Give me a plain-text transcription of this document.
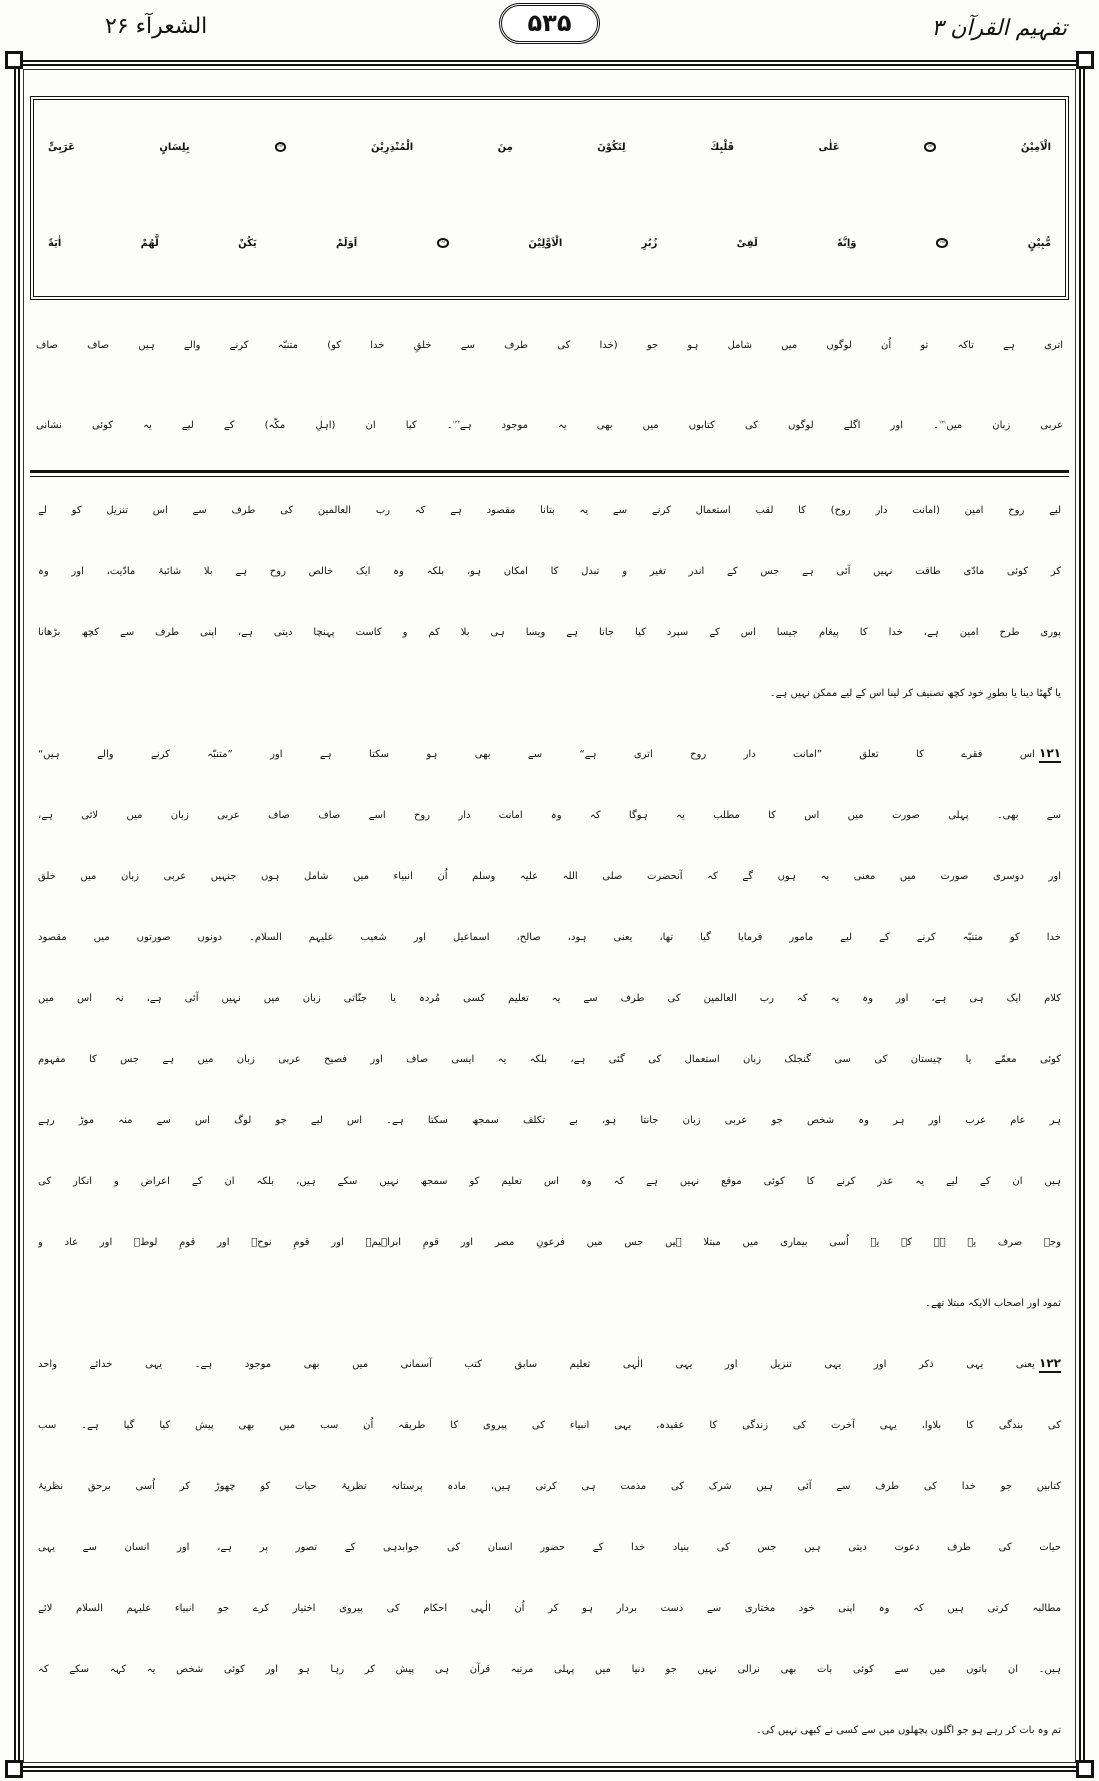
تفہیم القرآن ۳
۵۳۵
الشعرآء ۲۶
الْاَمِیْنُ ۱۹۳ عَلٰی قَلْبِكَ لِتَكُوْنَ مِنَ الْمُنْذِرِیْنَ ۱۹۴ بِلِسَانٍ عَرَبِیٍّ
مُّبِیْنٍ ۱۹۵ وَاِنَّهٗ لَفِیْ زُبُرِ الْاَوَّلِیْنَ ۱۹۶ اَوَلَمْ یَكُنْ لَّهُمْ اٰیَةً
اتری ہے تاکہ تو اُن لوگوں میں شامل ہو جو (خدا کی طرف سے خلقِ خدا کو) متنبّہ کرنے والے ہیں صاف صاف
عربی زبان میں$^{۱۲۱}$۔ اور اگلے لوگوں کی کتابوں میں بھی یہ موجود ہے$^{۱۲۲}$۔ کیا ان (اہلِ مکّہ) کے لیے یہ کوئی نشانی
لیے روح امین (امانت دار روح) کا لقب استعمال کرنے سے یہ بتانا مقصود ہے کہ رب العالمین کی طرف سے اس تنزیل کو لے
کر کوئی مادّی طاقت نہیں آئی ہے جس کے اندر تغیر و تبدل کا امکان ہو، بلکہ وہ ایک خالص روح ہے بلا شائبۂ مادّیت، اور وہ
پوری طرح امین ہے، خدا کا پیغام جیسا اس کے سپرد کیا جاتا ہے ویسا ہی بلا کم و کاست پہنچا دیتی ہے، اپنی طرف سے کچھ بڑھانا
یا گھٹا دینا یا بطورِ خود کچھ تصنیف کر لینا اس کے لیے ممکن نہیں ہے۔
۱۲۱اس فقرے کا تعلق ”امانت دار روح اتری ہے“ سے بھی ہو سکتا ہے اور ”متنبّہ کرنے والے ہیں“
سے بھی۔ پہلی صورت میں اس کا مطلب یہ ہوگا کہ وہ امانت دار روح اسے صاف صاف عربی زبان میں لائی ہے،
اور دوسری صورت میں معنی یہ ہوں گے کہ آنحضرت صلی اللہ علیہ وسلم اُن انبیاء میں شامل ہوں جنہیں عربی زبان میں خلق
خدا کو متنبّہ کرنے کے لیے مامور فرمایا گیا تھا، یعنی ہود، صالح، اسماعیل اور شعیب علیہم السلام۔ دونوں صورتوں میں مقصود
کلام ایک ہی ہے، اور وہ یہ کہ رب العالمین کی طرف سے یہ تعلیم کسی مُردہ یا جنّاتی زبان میں نہیں آئی ہے، نہ اس میں
کوئی معمّے یا چیستان کی سی گنجلک زبان استعمال کی گئی ہے، بلکہ یہ ایسی صاف اور فصیح عربی زبان میں ہے جس کا مفہوم
ہر عام عرب اور ہر وہ شخص جو عربی زبان جانتا ہو، بے تکلف سمجھ سکتا ہے۔ اس لیے جو لوگ اس سے منہ موڑ رہے
ہیں ان کے لیے یہ عذر کرنے کا کوئی موقع نہیں ہے کہ وہ اس تعلیم کو سمجھ نہیں سکے ہیں، بلکہ ان کے اعراض و انکار کی
وجہ صرف یہ ہے کہ یہ اُسی بیماری میں مبتلا ہیں جس میں فرعونِ مصر اور قومِ ابراہیمؑ اور قومِ نوحؑ اور قومِ لوطؑ اور عاد و
ثمود اور اصحاب الایکہ مبتلا تھے۔
۱۲۲یعنی یہی ذکر اور یہی تنزیل اور یہی الٰہی تعلیم سابق کتب آسمانی میں بھی موجود ہے۔ یہی خدائے واحد
کی بندگی کا بلاوا، یہی آخرت کی زندگی کا عقیدہ، یہی انبیاء کی پیروی کا طریقہ اُن سب میں بھی پیش کیا گیا ہے۔ سب
کتابیں جو خدا کی طرف سے آئی ہیں شرک کی مذمت ہی کرتی ہیں، مادہ پرستانہ نظریۂ حیات کو چھوڑ کر اُسی برحق نظریۂ
حیات کی طرف دعوت دیتی ہیں جس کی بنیاد خدا کے حضور انسان کی جوابدہی کے تصور پر ہے، اور انسان سے یہی
مطالبہ کرتی ہیں کہ وہ اپنی خود مختاری سے دست بردار ہو کر اُن الٰہی احکام کی پیروی اختیار کرے جو انبیاء علیہم السلام لائے
ہیں۔ ان باتوں میں سے کوئی بات بھی نرالی نہیں جو دنیا میں پہلی مرتبہ قرآن ہی پیش کر رہا ہو اور کوئی شخص یہ کہہ سکے کہ
تم وہ بات کر رہے ہو جو اگلوں پچھلوں میں سے کسی نے کبھی نہیں کی۔
